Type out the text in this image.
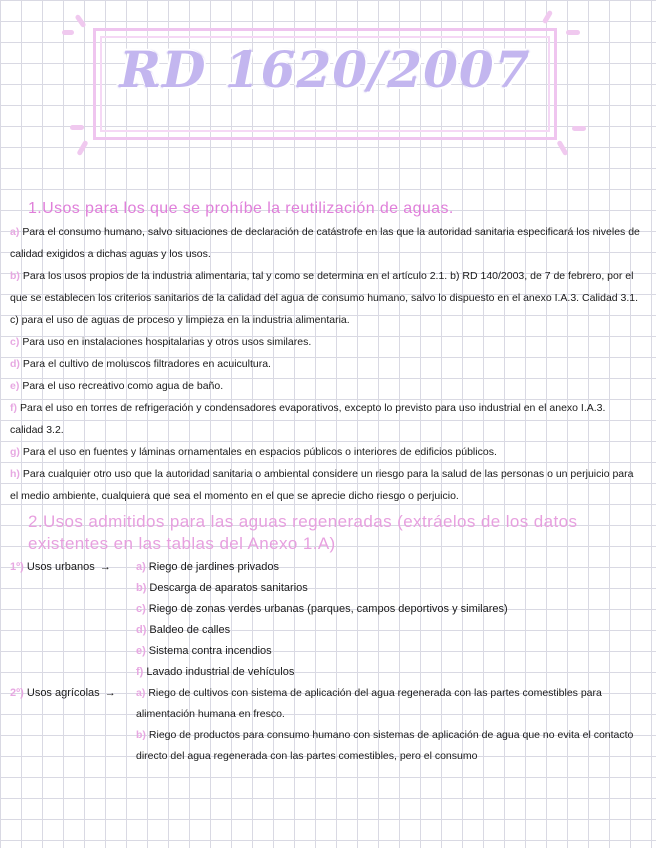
RD 1620/2007
1.Usos para los que se prohíbe la reutilización de aguas.

a) Para el consumo humano, salvo situaciones de declaración de catástrofe en las que la autoridad sanitaria especificará los niveles de calidad exigidos a dichas aguas y los usos.

b) Para los usos propios de la industria alimentaria, tal y como se determina en el artículo 2.1. b) RD 140/2003, de 7 de febrero, por el que se establecen los criterios sanitarios de la calidad del agua de consumo humano, salvo lo dispuesto en el anexo I.A.3. Calidad 3.1. c) para el uso de aguas de proceso y limpieza en la industria alimentaria.

c) Para uso en instalaciones hospitalarias y otros usos similares.

d) Para el cultivo de moluscos filtradores en acuicultura.

e) Para el uso recreativo como agua de baño.

f) Para el uso en torres de refrigeración y condensadores evaporativos, excepto lo previsto para uso industrial en el anexo I.A.3. calidad 3.2.

g) Para el uso en fuentes y láminas ornamentales en espacios públicos o interiores de edificios públicos.

h) Para cualquier otro uso que la autoridad sanitaria o ambiental considere un riesgo para la salud de las personas o un perjuicio para el medio ambiente, cualquiera que sea el momento en el que se aprecie dicho riesgo o perjuicio.

2.Usos admitidos para las aguas regeneradas (extráelos de los datos existentes en las tablas del Anexo 1.A)
1º) Usos urbanos →	a) Riego de jardines privados
b) Descarga de aparatos sanitarios
c) Riego de zonas verdes urbanas (parques, campos deportivos y similares)
d) Baldeo de calles
e) Sistema contra incendios
f) Lavado industrial de vehículos
2º) Usos agrícolas →	a) Riego de cultivos con sistema de aplicación del agua regenerada con las partes comestibles para alimentación humana en fresco.
b) Riego de productos para consumo humano con sistemas de aplicación de agua que no evita el contacto directo del agua regenerada con las partes comestibles, pero el consumo
